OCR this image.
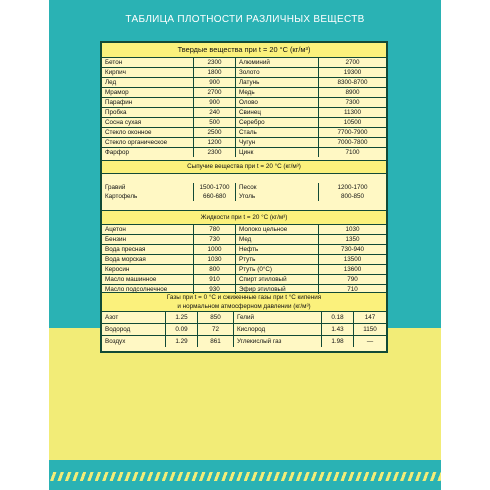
ТАБЛИЦА ПЛОТНОСТИ РАЗЛИЧНЫХ ВЕЩЕСТВ
Твердые вещества при t = 20 °C (кг/м³)
Бетон	2300	Алюминий	2700
Кирпич	1800	Золото	19300
Лед	900	Латунь	8300-8700
Мрамор	2700	Медь	8900
Парафин	900	Олово	7300
Пробка	240	Свинец	11300
Сосна сухая	500	Серебро	10500
Стекло оконное	2500	Сталь	7700-7900
Стекло органическое	1200	Чугун	7000-7800
Фарфор	2300	Цинк	7100
Сыпучие вещества при t = 20 °C (кг/м³)
Гравий	1500-1700	Песок	1200-1700
Картофель	660-680	Уголь	800-850
Жидкости при t = 20 °C (кг/м³)
Ацетон	780	Молоко цельное	1030
Бензин	730	Мед	1350
Вода пресная	1000	Нефть	730-940
Вода морская	1030	Ртуть	13500
Керосин	800	Ртуть (0°C)	13600
Масло машинное	910	Спирт этиловый	790
Масло подсолнечное	930	Эфир этиловый	710
Газы при t = 0 °C и сжиженные газы при t °C кипения
и нормальном атмосферном давлении (кг/м³)
Азот	1.25	850	Гелий	0.18	147
Водород	0.09	72	Кислород	1.43	1150
Воздух	1.29	861	Углекислый газ	1.98	—
